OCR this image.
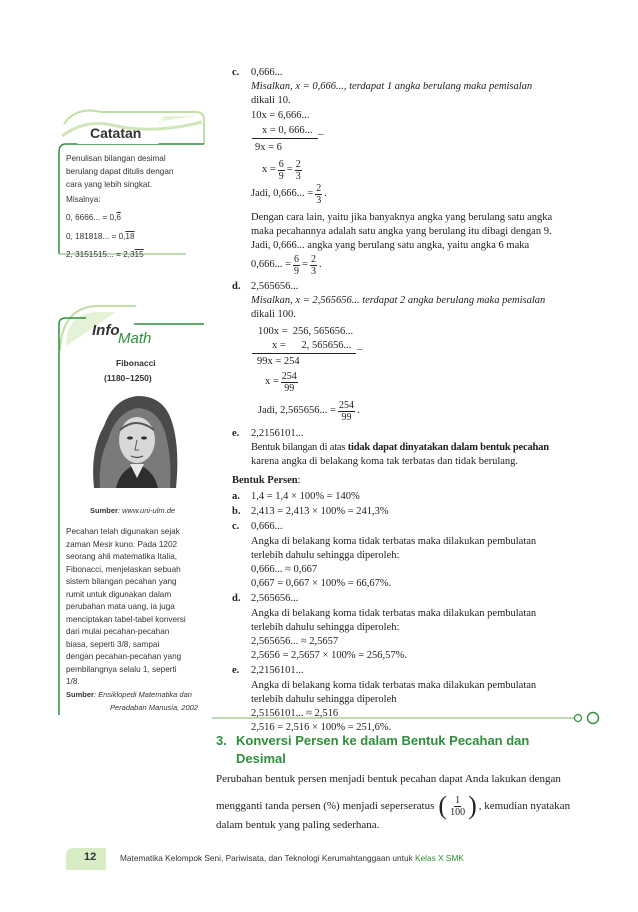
Catatan
Penulisan bilangan desimal
berulang dapat ditulis dengan
cara yang lebih singkat.
Misalnya:
0, 6666... = 0,6
0, 181818... = 0,18
2, 3151515... = 2,315
Info
Math
Fibonacci
(1180–1250)
Sumber: www.uni-ulm.de
Pecahan telah digunakan sejak
zaman Mesir kuno. Pada 1202
seorang ahli matematika Italia,
Fibonacci, menjelaskan sebuah
sistem bilangan pecahan yang
rumit untuk digunakan dalam
perubahan mata uang, ia juga
menciptakan tabel-tabel konversi
dari mulai pecahan-pecahan
biasa, seperti 3/8, sampai
dengan pecahan-pecahan yang
pembilangnya selalu 1, seperti
1/8.
Sumber: Ensiklopedi Matematika dan
Peradaban Manusia, 2002
c. 0,666...
Misalkan, x = 0,666..., terdapat 1 angka berulang maka pemisalan
dikali 10.
10x = 6,666...
x = 0, 666... –
9x = 6
$x = \frac{6}{9} = \frac{2}{3}$
Jadi, 0,666... = $\frac{2}{3}$ .
Dengan cara lain, yaitu jika banyaknya angka yang berulang satu angka
maka pecahannya adalah satu angka yang berulang itu dibagi dengan 9.
Jadi, 0,666... angka yang berulang satu angka, yaitu angka 6 maka
0,666... = $\frac{6}{9} = \frac{2}{3}$ .
d. 2,565656...
Misalkan, x = 2,565656... terdapat 2 angka berulang maka pemisalan
dikali 100.
100x =  256, 565656...
x =      2, 565656... –
99x = 254
$x = \frac{254}{99}$
Jadi, 2,565656... = $\frac{254}{99}$ .
e. 2,2156101...
Bentuk bilangan di atas tidak dapat dinyatakan dalam bentuk pecahan
karena angka di belakang koma tak terbatas dan tidak berulang.
Bentuk Persen:
a. 1,4 = 1,4 × 100% = 140%
b. 2,413 = 2,413 × 100% = 241,3%
c. 0,666...
Angka di belakang koma tidak terbatas maka dilakukan pembulatan
terlebih dahulu sehingga diperoleh:
0,666... ≈ 0,667
0,667 = 0,667 × 100% = 66,67%.
d. 2,565656...
Angka di belakang koma tidak terbatas maka dilakukan pembulatan
terlebih dahulu sehingga diperoleh:
2,565656... ≈ 2,5657
2,5656 = 2,5657 × 100% = 256,57%.
e. 2,2156101...
Angka di belakang koma tidak terbatas maka dilakukan pembulatan
terlebih dahulu sehingga diperoleh
2,5156101... ≈ 2,516
2,516 = 2,516 × 100% = 251,6%.
3. Konversi Persen ke dalam Bentuk Pecahan dan
Desimal
Perubahan bentuk persen menjadi bentuk pecahan dapat Anda lakukan dengan
mengganti tanda persen (%) menjadi seperseratus ( $\frac{1}{100}$ ) , kemudian nyatakan
dalam bentuk yang paling sederhana.
12	Matematika Kelompok Seni, Pariwisata, dan Teknologi Kerumahtanggaan untuk Kelas X SMK
